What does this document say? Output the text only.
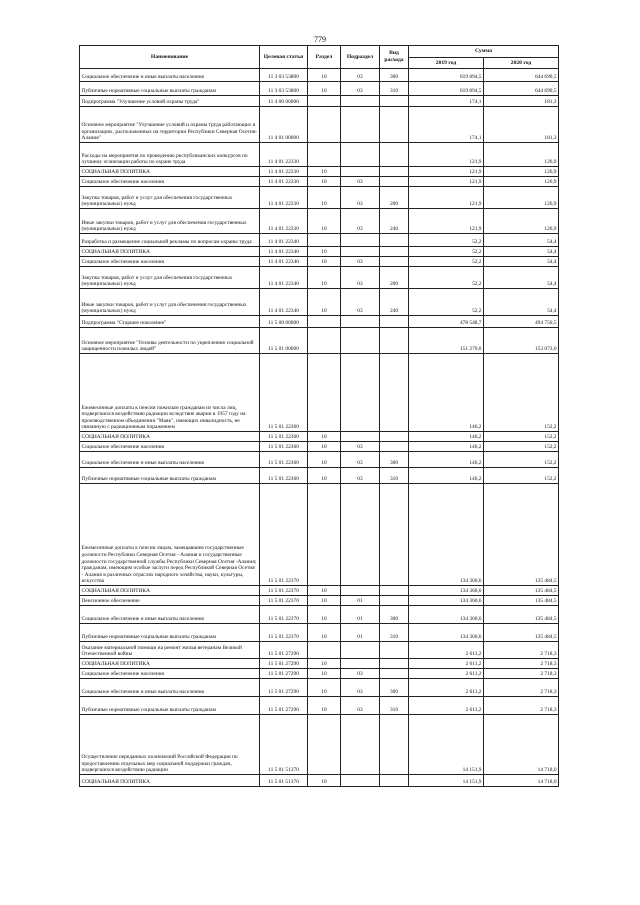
779
Наименование	Целевая статья	Раздел	Подраздел	Вид расхода	Сумма	
					2019 год	2020 год
Социальное обеспечение и иные выплаты населению	11 3 03 53800	10	03	300	619 894,5	644 690,5
Публичные нормативные социальные выплаты гражданам	11 3 03 53800	10	03	310	619 894,5	644 690,5
Подпрограмма "Улучшение условий охраны труда"	11 4 00 00000				174,1	181,3
Основное мероприятие "Улучшение условий и охраны труда работающих в организациях, расположенных на территории Республики Северная Осетия-Алания"	11 4 01 00000				174,1	181,3
Расходы на мероприятия по проведению республиканских конкурсов по лучшему оганизации работы по охране труда	11 4 01 22330				121,9	126,9
СОЦИАЛЬНАЯ ПОЛИТИКА	11 4 01 22330	10			121,9	126,9
Социальное обеспечение населения	11 4 01 22330	10	03		121,9	126,9
Закупка товаров, работ и услуг для обеспечения государственных (муниципальных) нужд	11 4 01 22330	10	03	200	121,9	126,9
Иные закупки товаров, работ и услуг для обеспечения государственных (муниципальных) нужд	11 4 01 22330	10	03	240	121,9	126,9
Разработка и размещение социальной рекламы по вопросам охраны труда	11 4 01 22340				52,2	54,4
СОЦИАЛЬНАЯ ПОЛИТИКА	11 4 01 22340	10			52,2	54,4
Социальное обеспечение населения	11 4 01 22340	10	03		52,2	54,4
Закупка товаров, работ и услуг для обеспечения государственных (муниципальных) нужд	11 4 01 22340	10	03	200	52,2	54,4
Иные закупки товаров, работ и услуг для обеспечения государственных (муниципальных) нужд	11 4 01 22340	10	03	240	52,2	54,4
Подпрограмма "Старшее поколение"	11 5 00 00000				478 548,7	494 750,5
Основное мероприятие "Основы деятельности по укреплению социальной защищенности пожилых людей"	11 5 01 00000				151 270,0	153 073,0
Ежемесячные доплаты к пенсии пожилым гражданам из числа лиц, подвергшихся воздействию радиации вследствие аварии в 1957 году на производственном объединении "Маяк", имеющих инвалидность, не связанную с радиационным поражением	11 5 01 22360				146,2	152,2
СОЦИАЛЬНАЯ ПОЛИТИКА	11 5 01 22360	10			146,2	152,2
Социальное обеспечение населения	11 5 01 22360	10	03		146,2	152,2
Социальное обеспечение и иные выплаты населению	11 5 01 22360	10	03	300	146,2	152,2
Публичные нормативные социальные выплаты гражданам	11 5 01 22360	10	03	310	146,2	152,2
Ежемесячные доплаты к пенсии лицам, замещавшим государственные должности Республики Северная Осетия - Алания и государственные должности государственной службы Республики Северная Осетия -Алания; гражданам, имеющим особые заслуги перед Республикой Северная Осетия - Алания в различных отраслях народного хозяйства, науки, культуры, искусства	11 5 01 22370				134 360,6	135 484,5
СОЦИАЛЬНАЯ ПОЛИТИКА	11 5 01 22370	10			134 360,6	135 484,5
Пенсионное обеспечение	11 5 01 22370	10	01		134 360,6	135 484,5
Социальное обеспечение и иные выплаты населению	11 5 01 22370	10	01	300	134 360,6	135 484,5
Публичные нормативные социальные выплаты гражданам	11 5 01 22370	10	01	310	134 360,6	135 484,5
Оказание материальной помощи на ремонт жилья ветеранам Великой Отечественной войны	11 5 01 27290				2 611,2	2 718,3
СОЦИАЛЬНАЯ ПОЛИТИКА	11 5 01 27290	10			2 611,2	2 718,3
Социальное обеспечение населения	11 5 01 27290	10	03		2 611,2	2 718,3
Социальное обеспечение и иные выплаты населению	11 5 01 27290	10	03	300	2 611,2	2 718,3
Публичные нормативные социальные выплаты гражданам	11 5 01 27290	10	03	310	2 611,2	2 718,3
Осуществление переданных полномочий Российской Федерации по предоставлению отдельных мер социальной поддержки граждан, подвергшихся воздействию радиации	11 5 01 51370				14 151,9	14 718,0
СОЦИАЛЬНАЯ ПОЛИТИКА	11 5 01 51370	10			14 151,9	14 718,0
